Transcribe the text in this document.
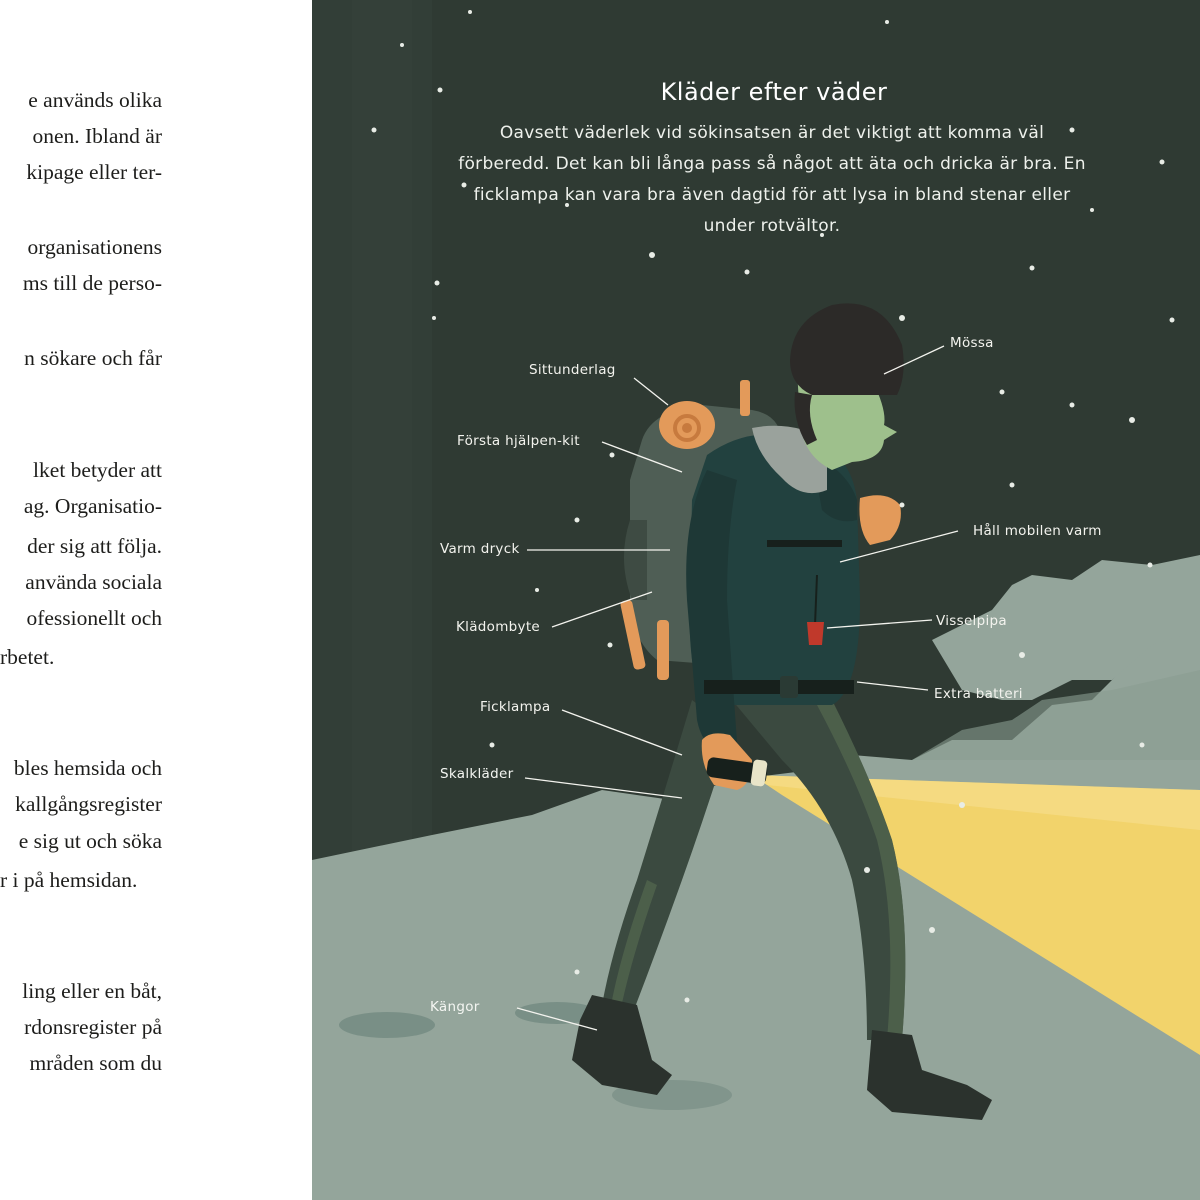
e används olika
onen. Ibland är
kipage eller ter-
organisationens
ms till de perso-
n sökare och får
lket betyder att
ag. Organisatio-
der sig att följa.
använda sociala
ofessionellt och
rbetet.
bles hemsida och
kallgångsregister
e sig ut och söka
r i på hemsidan.
ling eller en båt,
rdonsregister på
mråden som du
Kläder efter väder

Oavsett väderlek vid sökinsatsen är det viktigt att komma väl förberedd. Det kan bli långa pass så något att äta och dricka är bra. En ficklampa kan vara bra även dagtid för att lysa in bland stenar eller under rotvältor.

Mössa
Sittunderlag
Första hjälpen-kit
Håll mobilen varm
Varm dryck
Visselpipa
Klädombyte
Extra batteri
Ficklampa
Skalkläder
Kängor
